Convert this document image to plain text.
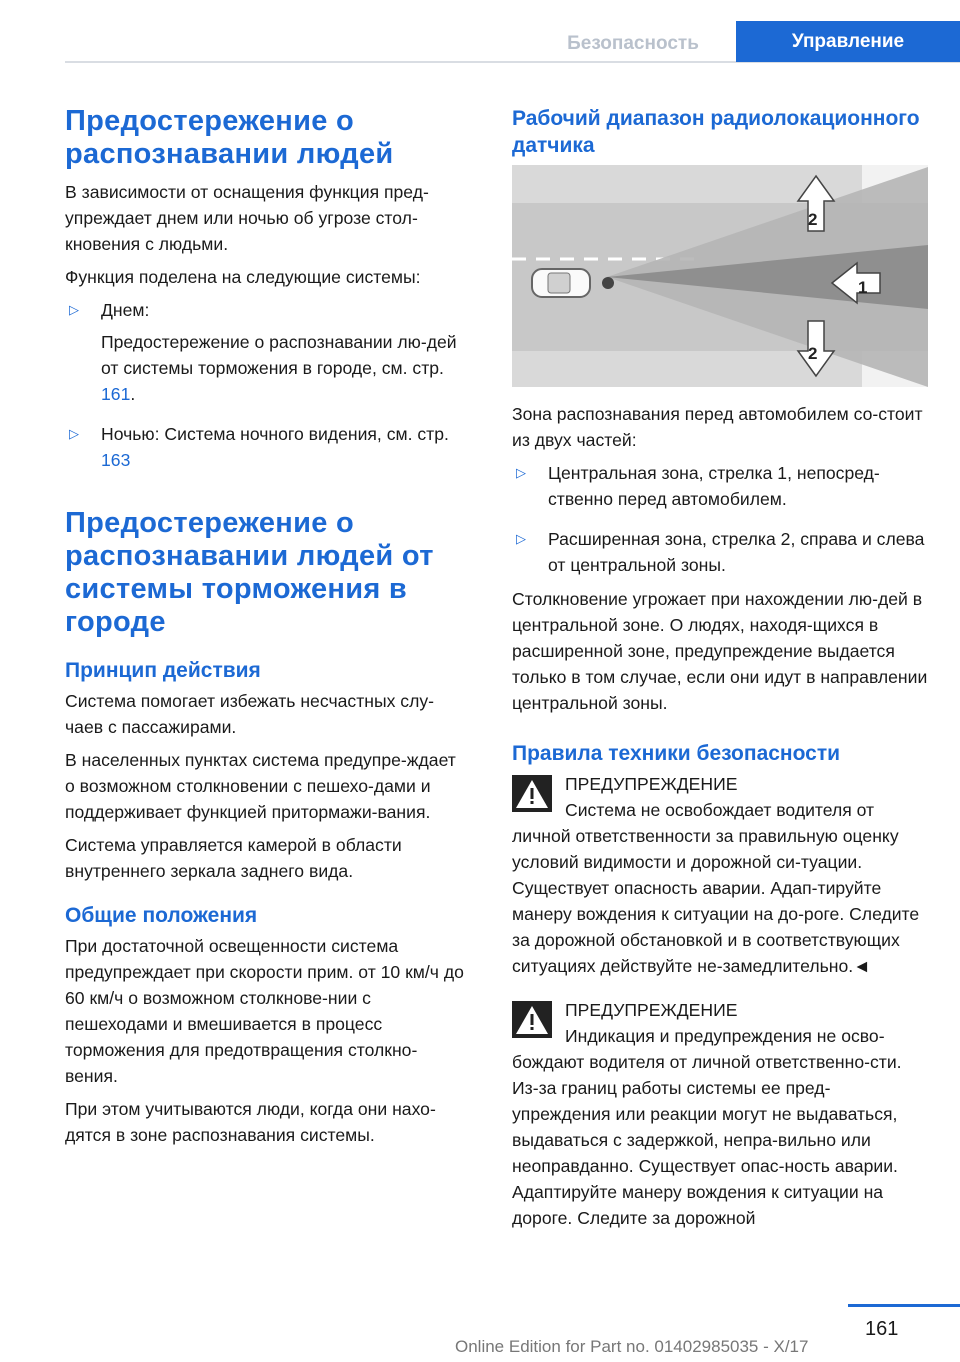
Безопасность	Управление
Предостережение о распознавании людей

В зависимости от оснащения функция пред-упреждает днем или ночью об угрозе стол-кновения с людьми.

Функция поделена на следующие системы:

▷ Днем:

Предостережение о распознавании лю-дей от системы торможения в городе, см. стр. 161.

▷ Ночью: Система ночного видения, см. стр. 163
Предостережение о распознавании людей от системы торможения в городе
Принцип действия

Система помогает избежать несчастных слу-чаев с пассажирами.

В населенных пунктах система предупре-ждает о возможном столкновении с пешехо-дами и поддерживает функцией притормажи-вания.

Система управляется камерой в области внутреннего зеркала заднего вида.

Общие положения

При достаточной освещенности система предупреждает при скорости прим. от 10 км/ч до 60 км/ч о возможном столкнове-нии с пешеходами и вмешивается в процесс торможения для предотвращения столкно-вения.

При этом учитываются люди, когда они нахо-дятся в зоне распознавания системы.

Рабочий диапазон радиолокационного датчика
1
2
2

Зона распознавания перед автомобилем со-стоит из двух частей:

▷ Центральная зона, стрелка 1, непосред-ственно перед автомобилем.
▷ Расширенная зона, стрелка 2, справа и слева от центральной зоны.

Столкновение угрожает при нахождении лю-дей в центральной зоне. О людях, находя-щихся в расширенной зоне, предупреждение выдается только в том случае, если они идут в направлении центральной зоны.

Правила техники безопасности

ПРЕДУПРЕЖДЕНИЕ

Система не освобождает водителя от

личной ответственности за правильную оценку условий видимости и дорожной си-туации. Существует опасность аварии. Адап-тируйте манеру вождения к ситуации на до-роге. Следите за дорожной обстановкой и в соответствующих ситуациях действуйте не-замедлительно.◄

ПРЕДУПРЕЖДЕНИЕ

Индикация и предупреждения не осво-

бождают водителя от личной ответственно-сти. Из-за границ работы системы ее пред-упреждения или реакции могут не выдаваться, выдаваться с задержкой, непра-вильно или неоправданно. Существует опас-ность аварии. Адаптируйте манеру вождения к ситуации на дороге. Следите за дорожной

161
Online Edition for Part no. 01402985035 - X/17
